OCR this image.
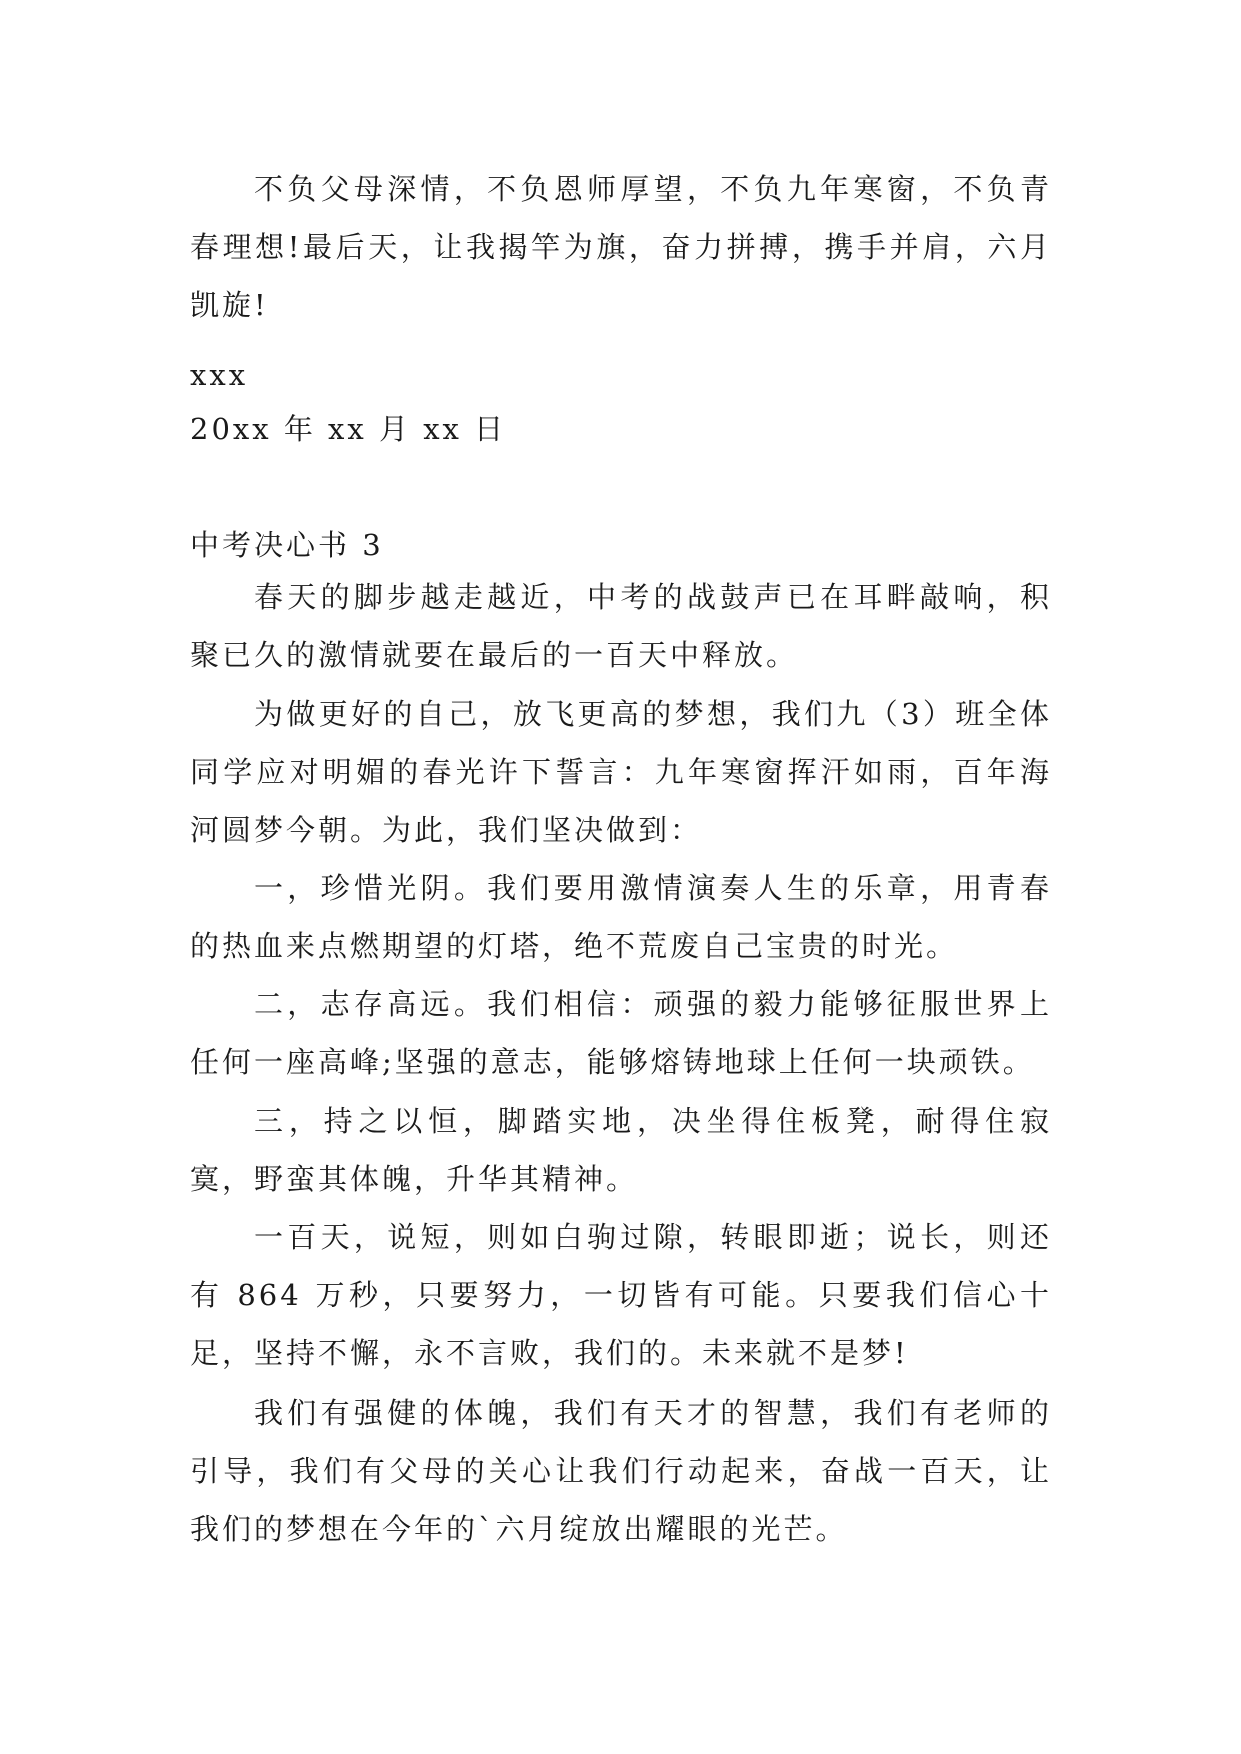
不负父母深情，不负恩师厚望，不负九年寒窗，不负青春理想!最后天，让我揭竿为旗，奋力拼搏，携手并肩，六月凯旋!

xxx

20xx 年 xx 月 xx 日

中考决心书 3

春天的脚步越走越近，中考的战鼓声已在耳畔敲响，积聚已久的激情就要在最后的一百天中释放。

为做更好的自己，放飞更高的梦想，我们九（3）班全体同学应对明媚的春光许下誓言：九年寒窗挥汗如雨，百年海河圆梦今朝。为此，我们坚决做到：

一，珍惜光阴。我们要用激情演奏人生的乐章，用青春的热血来点燃期望的灯塔，绝不荒废自己宝贵的时光。

二，志存高远。我们相信：顽强的毅力能够征服世界上任何一座高峰;坚强的意志，能够熔铸地球上任何一块顽铁。

三，持之以恒，脚踏实地，决坐得住板凳，耐得住寂寞，野蛮其体魄，升华其精神。

一百天，说短，则如白驹过隙，转眼即逝；说长，则还有 864 万秒，只要努力，一切皆有可能。只要我们信心十足，坚持不懈，永不言败，我们的。未来就不是梦!

我们有强健的体魄，我们有天才的智慧，我们有老师的引导，我们有父母的关心让我们行动起来，奋战一百天，让我们的梦想在今年的`六月绽放出耀眼的光芒。
